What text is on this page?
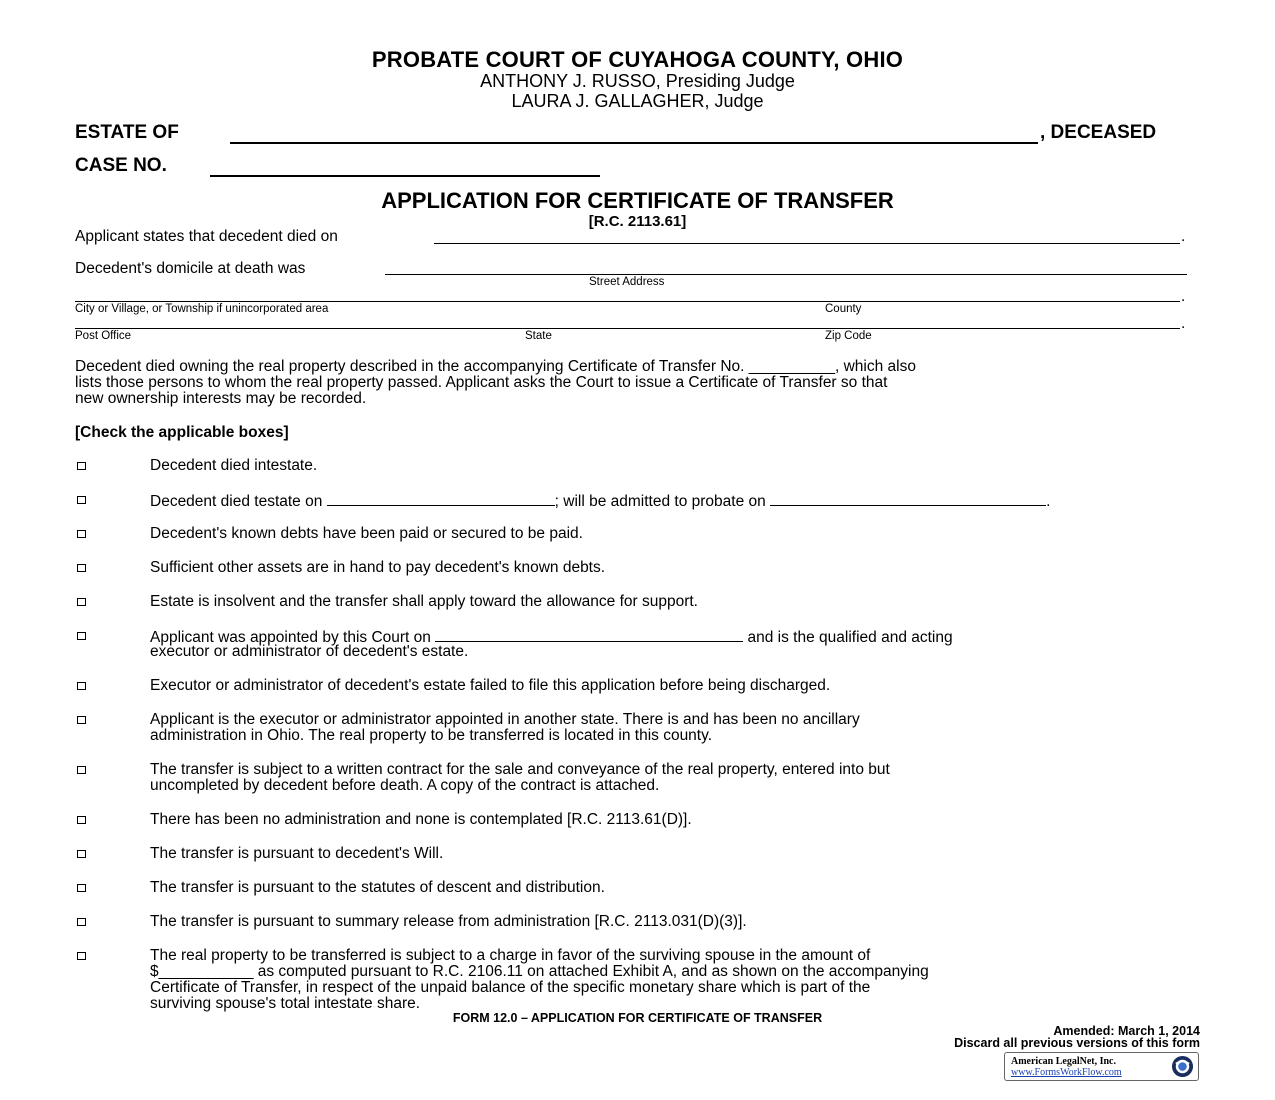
PROBATE COURT OF CUYAHOGA COUNTY, OHIO
ANTHONY J. RUSSO, Presiding Judge
LAURA J. GALLAGHER, Judge
ESTATE OF	, DECEASED
CASE NO.
APPLICATION FOR CERTIFICATE OF TRANSFER
[R.C. 2113.61]
Applicant states that decedent died on	.
Decedent's domicile at death was
Street Address
.
City or Village, or Township if unincorporated area	County
.
Post Office	State	Zip Code
Decedent died owning the real property described in the accompanying Certificate of Transfer No. __________, which also
lists those persons to whom the real property passed. Applicant asks the Court to issue a Certificate of Transfer so that
new ownership interests may be recorded.
[Check the applicable boxes]
Decedent died intestate.
Decedent died testate on	; will be admitted to probate on	.
Decedent's known debts have been paid or secured to be paid.
Sufficient other assets are in hand to pay decedent's known debts.
Estate is insolvent and the transfer shall apply toward the allowance for support.
Applicant was appointed by this Court on	and is the qualified and acting
executor or administrator of decedent's estate.
Executor or administrator of decedent's estate failed to file this application before being discharged.
Applicant is the executor or administrator appointed in another state. There is and has been no ancillary
administration in Ohio. The real property to be transferred is located in this county.
The transfer is subject to a written contract for the sale and conveyance of the real property, entered into but
uncompleted by decedent before death. A copy of the contract is attached.
There has been no administration and none is contemplated [R.C. 2113.61(D)].
The transfer is pursuant to decedent's Will.
The transfer is pursuant to the statutes of descent and distribution.
The transfer is pursuant to summary release from administration [R.C. 2113.031(D)(3)].
The real property to be transferred is subject to a charge in favor of the surviving spouse in the amount of
$___________ as computed pursuant to R.C. 2106.11 on attached Exhibit A, and as shown on the accompanying
Certificate of Transfer, in respect of the unpaid balance of the specific monetary share which is part of the
surviving spouse's total intestate share.
FORM 12.0 – APPLICATION FOR CERTIFICATE OF TRANSFER
Amended: March 1, 2014
Discard all previous versions of this form
American LegalNet, Inc.
www.FormsWorkFlow.com
